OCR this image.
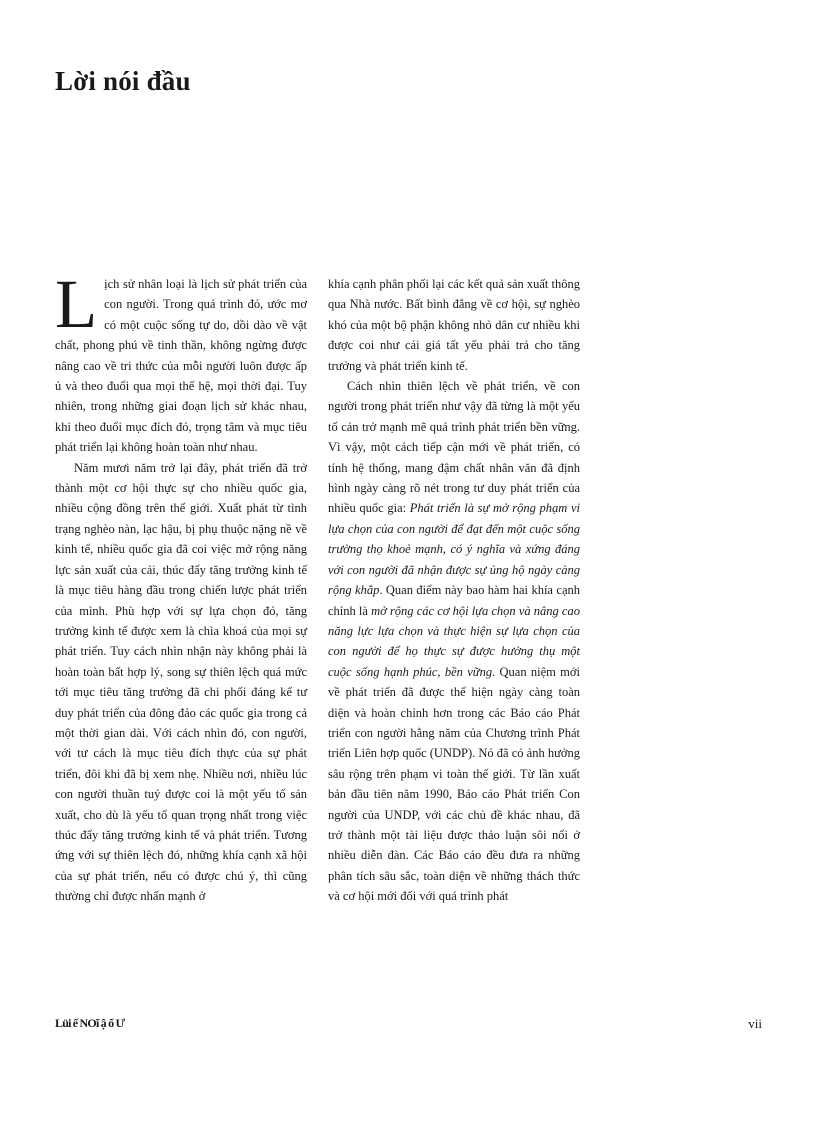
Lời nói đầu

Lịch sử nhân loại là lịch sử phát triển của con người. Trong quá trình đó, ước mơ có một cuộc sống tự do, dồi dào về vật chất, phong phú về tinh thần, không ngừng được nâng cao về tri thức của mỗi người luôn được ấp ủ và theo đuổi qua mọi thế hệ, mọi thời đại. Tuy nhiên, trong những giai đoạn lịch sử khác nhau, khi theo đuổi mục đích đó, trọng tâm và mục tiêu phát triển lại không hoàn toàn như nhau.

Năm mươi năm trở lại đây, phát triển đã trở thành một cơ hội thực sự cho nhiều quốc gia, nhiều cộng đồng trên thế giới. Xuất phát từ tình trạng nghèo nàn, lạc hậu, bị phụ thuộc nặng nề về kinh tế, nhiều quốc gia đã coi việc mở rộng năng lực sản xuất của cải, thúc đẩy tăng trưởng kinh tế là mục tiêu hàng đầu trong chiến lược phát triển của mình. Phù hợp với sự lựa chọn đó, tăng trưởng kinh tế được xem là chìa khoá của mọi sự phát triển. Tuy cách nhìn nhận này không phải là hoàn toàn bất hợp lý, song sự thiên lệch quá mức tới mục tiêu tăng trưởng đã chi phối đáng kể tư duy phát triển của đông đảo các quốc gia trong cả một thời gian dài. Với cách nhìn đó, con người, với tư cách là mục tiêu đích thực của sự phát triển, đôi khi đã bị xem nhẹ. Nhiều nơi, nhiều lúc con người thuần tuý được coi là một yếu tố sản xuất, cho dù là yếu tố quan trọng nhất trong việc thúc đẩy tăng trưởng kinh tế và phát triển. Tương ứng với sự thiên lệch đó, những khía cạnh xã hội của sự phát triển, nếu có được chú ý, thì cũng thường chỉ được nhấn mạnh ở

khía cạnh phân phối lại các kết quả sản xuất thông qua Nhà nước. Bất bình đẳng về cơ hội, sự nghèo khó của một bộ phận không nhỏ dân cư nhiều khi được coi như cái giá tất yếu phải trả cho tăng trưởng và phát triển kinh tế.

Cách nhìn thiên lệch về phát triển, về con người trong phát triển như vậy đã từng là một yếu tố cản trở mạnh mẽ quá trình phát triển bền vững. Vì vậy, một cách tiếp cận mới về phát triển, có tính hệ thống, mang đậm chất nhân văn đã định hình ngày càng rõ nét trong tư duy phát triển của nhiều quốc gia: Phát triển là sự mở rộng phạm vi lựa chọn của con người để đạt đến một cuộc sống trường thọ khoẻ mạnh, có ý nghĩa và xứng đáng với con người đã nhận được sự ủng hộ ngày càng rộng khắp. Quan điểm này bao hàm hai khía cạnh chính là mở rộng các cơ hội lựa chọn và nâng cao năng lực lựa chọn và thực hiện sự lựa chọn của con người để họ thực sự được hưởng thụ một cuộc sống hạnh phúc, bền vững. Quan niệm mới về phát triển đã được thể hiện ngày càng toàn diện và hoàn chỉnh hơn trong các Báo cáo Phát triển con người hằng năm của Chương trình Phát triển Liên hợp quốc (UNDP). Nó đã có ảnh hưởng sâu rộng trên phạm vi toàn thế giới. Từ lần xuất bản đầu tiên năm 1990, Báo cáo Phát triển Con người của UNDP, với các chủ đề khác nhau, đã trở thành một tài liệu được thảo luận sôi nổi ở nhiều diễn đàn. Các Báo cáo đều đưa ra những phân tích sâu sắc, toàn diện về những thách thức và cơ hội mới đối với quá trình phát

Lüi ế NOĩ ậ ổ Ư	vii
